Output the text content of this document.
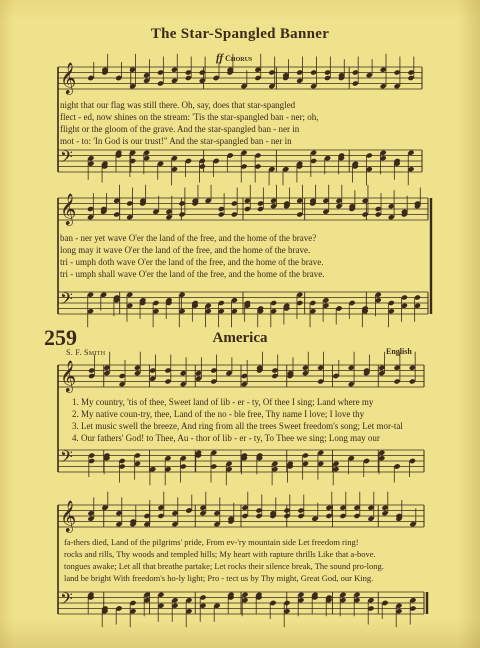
𝄞
𝄢
𝄞
𝄢
𝄞
𝄢
𝄞
𝄢
The Star-Spangled Banner
ff Chorus
night that our flag was still there. Oh, say, does that star-spangled
flect - ed, now shines on the stream: 'Tis the star-spangled ban - ner; oh,
flight or the gloom of the grave. And the star-spangled ban - ner in
mot - to: 'In God is our trust!" And the star-spangled ban - ner in
ban - ner yet wave O'er the land of the free, and the home of the brave?
long may it wave O'er the land of the free, and the home of the brave.
tri - umph doth wave O'er the land of the free, and the home of the brave.
tri - umph shall wave O'er the land of the free, and the home of the brave.
259	America
S. F. Smith	English
1. My country, 'tis of thee, Sweet land of lib - er - ty, Of thee I sing; Land where my
2. My native coun-try, thee, Land of the no - ble free, Thy name I love; I love thy
3. Let music swell the breeze, And ring from all the trees Sweet freedom's song; Let mor-tal
4. Our fathers' God! to Thee, Au - thor of lib - er - ty, To Thee we sing; Long may our
fa-thers died, Land of the pilgrims' pride, From ev-'ry mountain side Let freedom ring!
rocks and rills, Thy woods and templed hills; My heart with rapture thrills Like that a-bove.
tongues awake; Let all that breathe partake; Let rocks their silence break, The sound pro-long.
land be bright With freedom's ho-ly light; Pro - tect us by Thy might, Great God, our King.
